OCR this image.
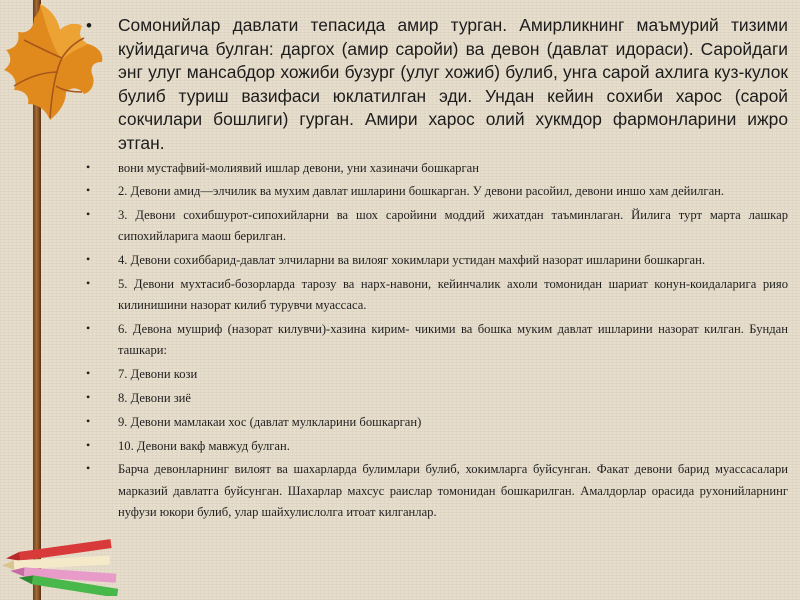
• Сомонийлар давлати тепасида амир турган. Амирликнинг маъмурий тизими куйидагича булган: даргох (амир саройи) ва девон (давлат идораси). Саройдаги энг улуг мансабдор хожиби бузург (улуг хожиб) булиб, унга сарой ахлига куз-кулок булиб туриш вазифаси юклатилган эди. Ундан кейин сохиби харос (сарой сокчилари бошлиги) гурган. Амири харос олий хукмдор фармонларини ижро этган.

• вони мустафвий-молиявий ишлар девони, уни хазиначи бошкарган
• 2. Девони амид—элчилик ва мухим давлат ишларини бошкарган. У девони расойил, девони иншо хам дейилган.
• 3. Девони сохибшурот-сипохийларни ва шох саройини моддий жихатдан таъминлаган. Йилига турт марта лашкар сипохийларига маош берилган.
• 4. Девони сохиббарид-давлат элчиларни ва вилояг хокимлари устидан махфий назорат ишларини бошкарган.
• 5. Девони мухтасиб-бозорларда тарозу ва нарх-навони, кейинчалик ахоли томонидан шариат конун-коидаларига рияо килинишини назорат килиб турувчи муассаса.
• 6. Девона мушриф (назорат килувчи)-хазина кирим- чикими ва бошка муким давлат ишларини назорат килган. Бундан ташкари:
• 7. Девони кози
• 8. Девони зиё
• 9. Девони мамлакаи хос (давлат мулкларини бошкарган)
• 10. Девони вакф мавжуд булган.
• Барча девонларнинг вилоят ва шахарларда булимлари булиб, хокимларга буйсунган. Факат девони барид муассасалари марказий давлатга буйсунган. Шахарлар махсус раислар томонидан бошкарилган. Амалдорлар орасида рухонийларнинг нуфузи юкори булиб, улар шайхулислолга итоат килганлар.
